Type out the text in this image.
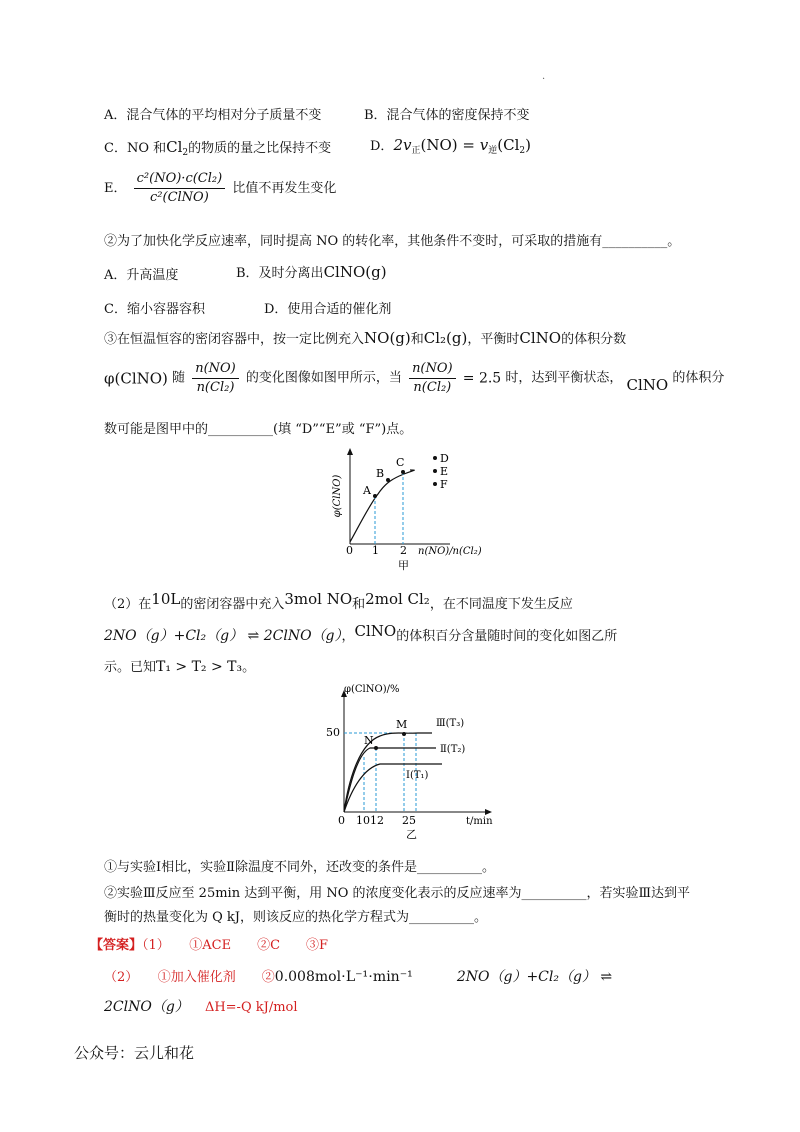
·
A．混合气体的平均相对分子质量不变	B．混合气体的密度保持不变
C．NO 和$Cl_2$的物质的量之比保持不变	D．$2v_正(NO) = v_逆(Cl_2)$
E． $\frac{\text{c²(NO)·c(Cl₂)}}{\text{c²(ClNO)}}$ 比值不再发生变化
②为了加快化学反应速率，同时提高 NO 的转化率，其他条件不变时，可采取的措施有__________。
A．升高温度	B．及时分离出ClNO(g)
C．缩小容器容积	D．使用合适的催化剂
③在恒温恒容的密闭容器中，按一定比例充入NO(g)和Cl₂(g)，平衡时ClNO的体积分数
φ(ClNO) 随 $\frac{n(NO)}{\text{n(Cl₂)}}$ 的变化图像如图甲所示，当 $\frac{n(NO)}{\text{n(Cl₂)}} = 2.5$ 时，达到平衡状态， ClNO 的体积分
数可能是图甲中的__________(填 “D”“E”或 “F”)点。
φ(ClNO) A
B
C	D
E
F
0 1 2 n(NO)/n(Cl₂)
甲
（2）在10L的密闭容器中充入3mol NO和2mol Cl₂，在不同温度下发生反应
2NO（g）+Cl₂（g） ⇌ 2ClNO（g），ClNO的体积百分含量随时间的变化如图乙所
示。已知T₁ > T₂ > T₃。
φ(ClNO)/%
50
M
N
Ⅲ(T₃)
Ⅱ(T₂)
Ⅰ(T₁)
0 10 12 25	t/min
乙
①与实验Ⅰ相比，实验Ⅱ除温度不同外，还改变的条件是__________。
②实验Ⅲ反应至 25min 达到平衡，用 NO 的浓度变化表示的反应速率为__________，若实验Ⅲ达到平
衡时的热量变化为 Q kJ，则该反应的热化学方程式为__________。
【答案】（1）　　①ACE　　②C　　③F
（2）　　①加入催化剂　　②0.008mol⋅L⁻¹⋅min⁻¹	2NO（g）+Cl₂（g） ⇌
2ClNO（g） ΔH=-Q kJ/mol
公众号：云儿和花
